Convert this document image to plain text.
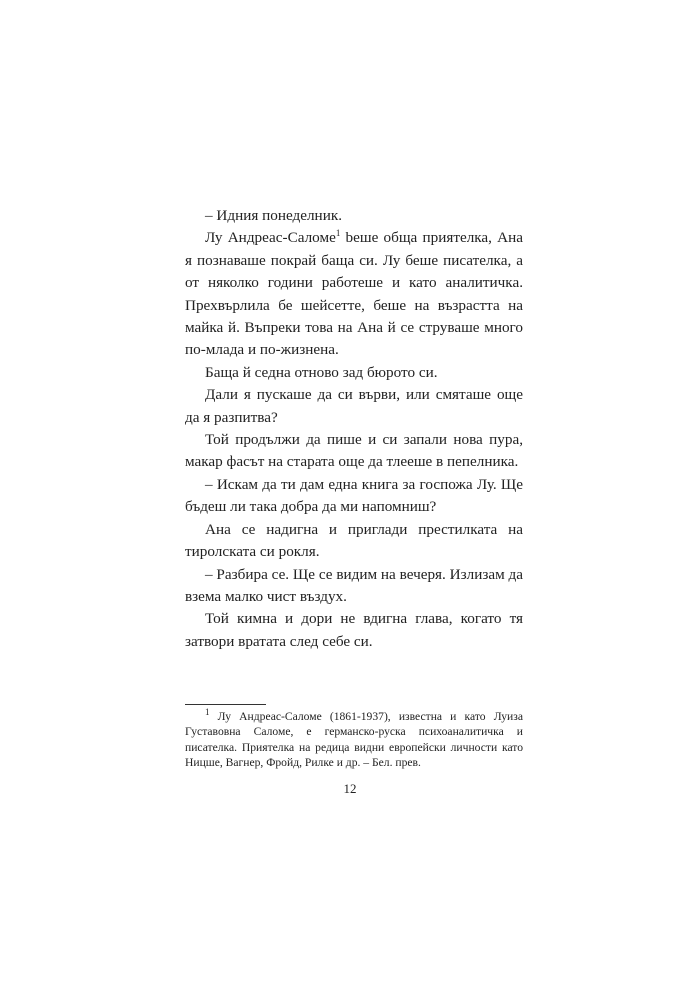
– Идния понеделник.

Лу Андреас-Саломе$^1$ beше обща приятелка, Ана я познаваше покрай баща си. Лу беше писателка, а от няколко години работеше и като аналитичка. Прехвърлила бе шейсетте, беше на възрастта на майка й. Въпреки това на Ана й се струваше много по-млада и по-жизнена.

Баща й седна отново зад бюрото си.

Дали я пускаше да си върви, или смяташе още да я разпитва?

Той продължи да пише и си запали нова пура, макар фасът на старата още да тлееше в пепелника.

– Искам да ти дам една книга за госпожа Лу. Ще бъдеш ли така добра да ми напомниш?

Ана се надигна и приглади престилката на тиролската си рокля.

– Разбира се. Ще се видим на вечеря. Излизам да взема малко чист въздух.

Той кимна и дори не вдигна глава, когато тя затвори вратата след себе си.

$^1$ Лу Андреас-Саломе (1861-1937), известна и като Луиза Густавовна Саломе, е германско-руска психоаналитичка и писателка. Приятелка на редица видни европейски личности като Ницше, Вагнер, Фройд, Рилке и др. – Бел. прев.
12
